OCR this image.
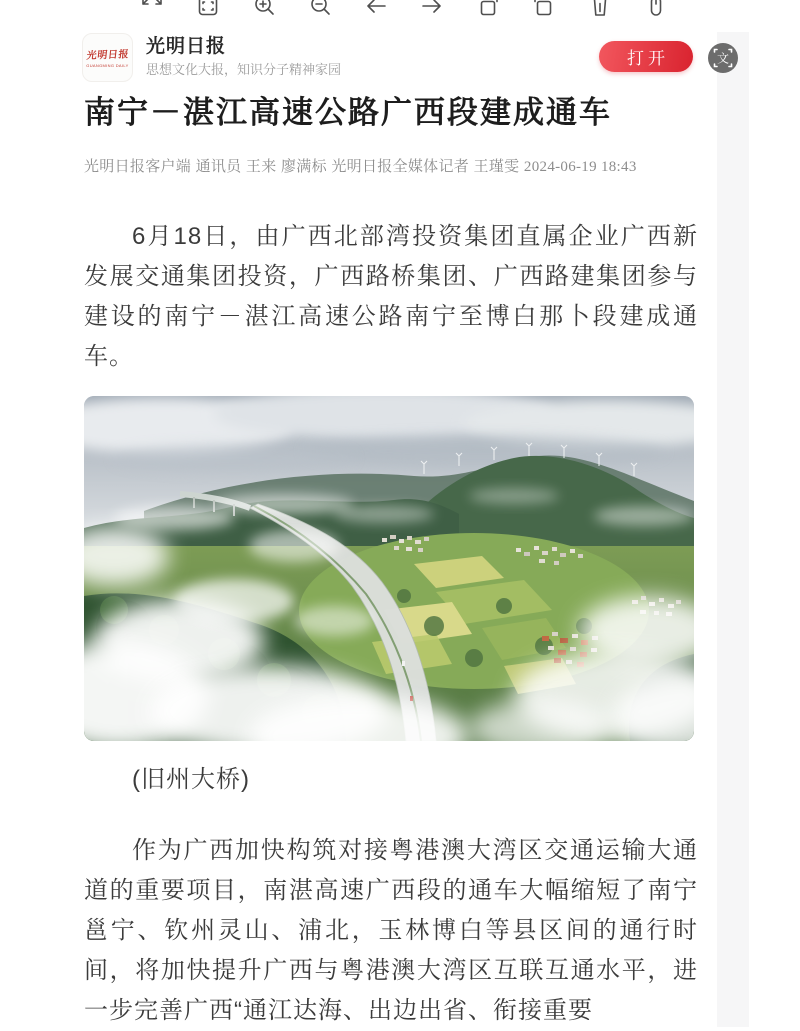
光明日报
GUANGMING DAILY
光明日报
思想文化大报，知识分子精神家园
打开	文
南宁－湛江高速公路广西段建成通车
光明日报客户端 通讯员 王来 廖满标 光明日报全媒体记者 王瑾雯 2024-06-19 18:43

6月18日，由广西北部湾投资集团直属企业广西新发展交通集团投资，广西路桥集团、广西路建集团参与建设的南宁－湛江高速公路南宁至博白那卜段建成通车。

(旧州大桥)

作为广西加快构筑对接粤港澳大湾区交通运输大通道的重要项目，南湛高速广西段的通车大幅缩短了南宁邕宁、钦州灵山、浦北，玉林博白等县区间的通行时间，将加快提升广西与粤港澳大湾区互联互通水平，进一步完善广西“通江达海、出边出省、衔接重要
